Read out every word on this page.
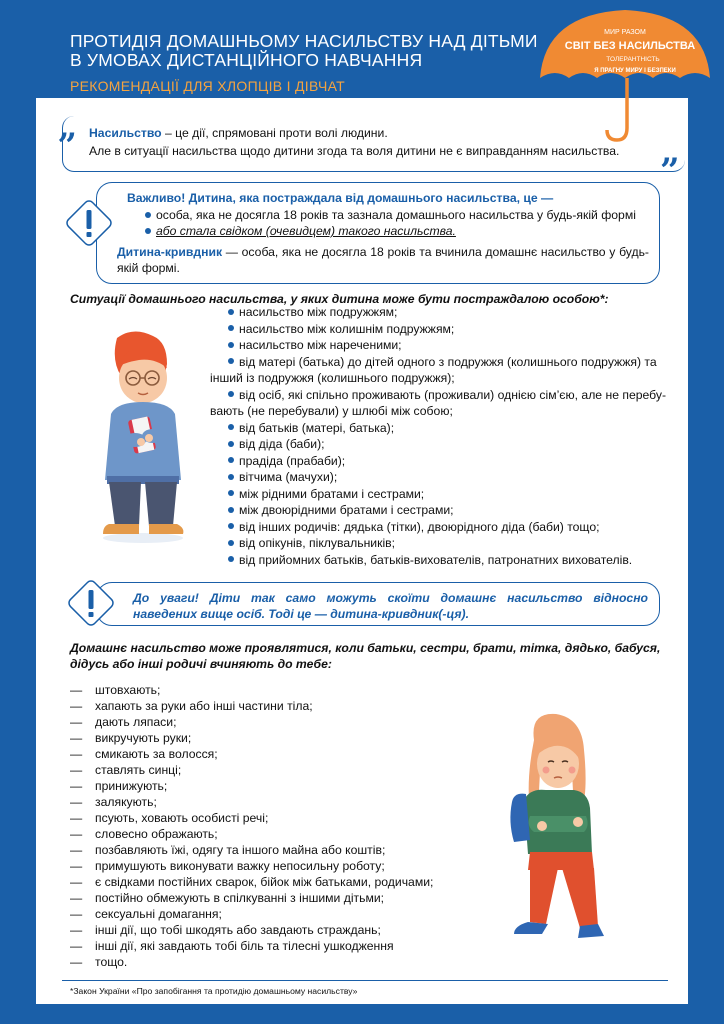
ПРОТИДІЯ ДОМАШНЬОМУ НАСИЛЬСТВУ НАД ДІТЬМИ
В УМОВАХ ДИСТАНЦІЙНОГО НАВЧАННЯ
РЕКОМЕНДАЦІЇ ДЛЯ ХЛОПЦІВ І ДІВЧАТ
МИР РАЗОМ
СВІТ БЕЗ НАСИЛЬСТВА
ТОЛЕРАНТНІСТЬ
Я ПРАГНУ МИРУ І БЕЗПЕКИ
„ Насильство – це дії, спрямовані проти волі людини.
Але в ситуації насильства щодо дитини згода та воля дитини не є виправданням насильства.	”
Важливо! Дитина, яка постраждала від домашнього насильства, це —
особа, яка не досягла 18 років та зазнала домашнього насильства у будь-якій формі
або стала свідком (очевидцем) такого насильства.
Дитина-кривдник — особа, яка не досягла 18 років та вчинила домашнє насильство у будь-якій формі.
Ситуації домашнього насильства, у яких дитина може бути постраждалою особою*:
насильство між подружжям;
насильство між колишнім подружжям;
насильство між нареченими;
від матері (батька) до дітей одного з подружжя (колишнього подружжя) та
інший із подружжя (колишнього подружжя);
від осіб, які спільно проживають (проживали) однією сім’єю, але не перебу-
вають (не перебували) у шлюбі між собою;
від батьків (матері, батька);
від діда (баби);
прадіда (прабаби);
вітчима (мачухи);
між рідними братами і сестрами;
між двоюрідними братами і сестрами;
від інших родичів: дядька (тітки), двоюрідного діда (баби) тощо;
від опікунів, піклувальників;
від прийомних батьків, батьків-вихователів, патронатних вихователів.
До уваги! Діти так само можуть скоїти домашнє насильство відносно наведених вище осіб. Тоді це — дитина-кривдник(-ця).
Домашнє насильство може проявлятися, коли батьки, сестри, брати, тітка, дядько, бабуся, дідусь або інші родичі вчиняють до тебе:
— штовхають;
— хапають за руки або інші частини тіла;
— дають ляпаси;
— викручують руки;
— смикають за волосся;
— ставлять синці;
— принижують;
— залякують;
— псують, ховають особисті речі;
— словесно ображають;
— позбавляють їжі, одягу та іншого майна або коштів;
— примушують виконувати важку непосильну роботу;
— є свідками постійних сварок, бійок між батьками, родичами;
— постійно обмежують в спілкуванні з іншими дітьми;
— сексуальні домагання;
— інші дії, що тобі шкодять або завдають страждань;
— інші дії, які завдають тобі біль та тілесні ушкодження
— тощо.
*Закон України «Про запобігання та протидію домашньому насильству»
